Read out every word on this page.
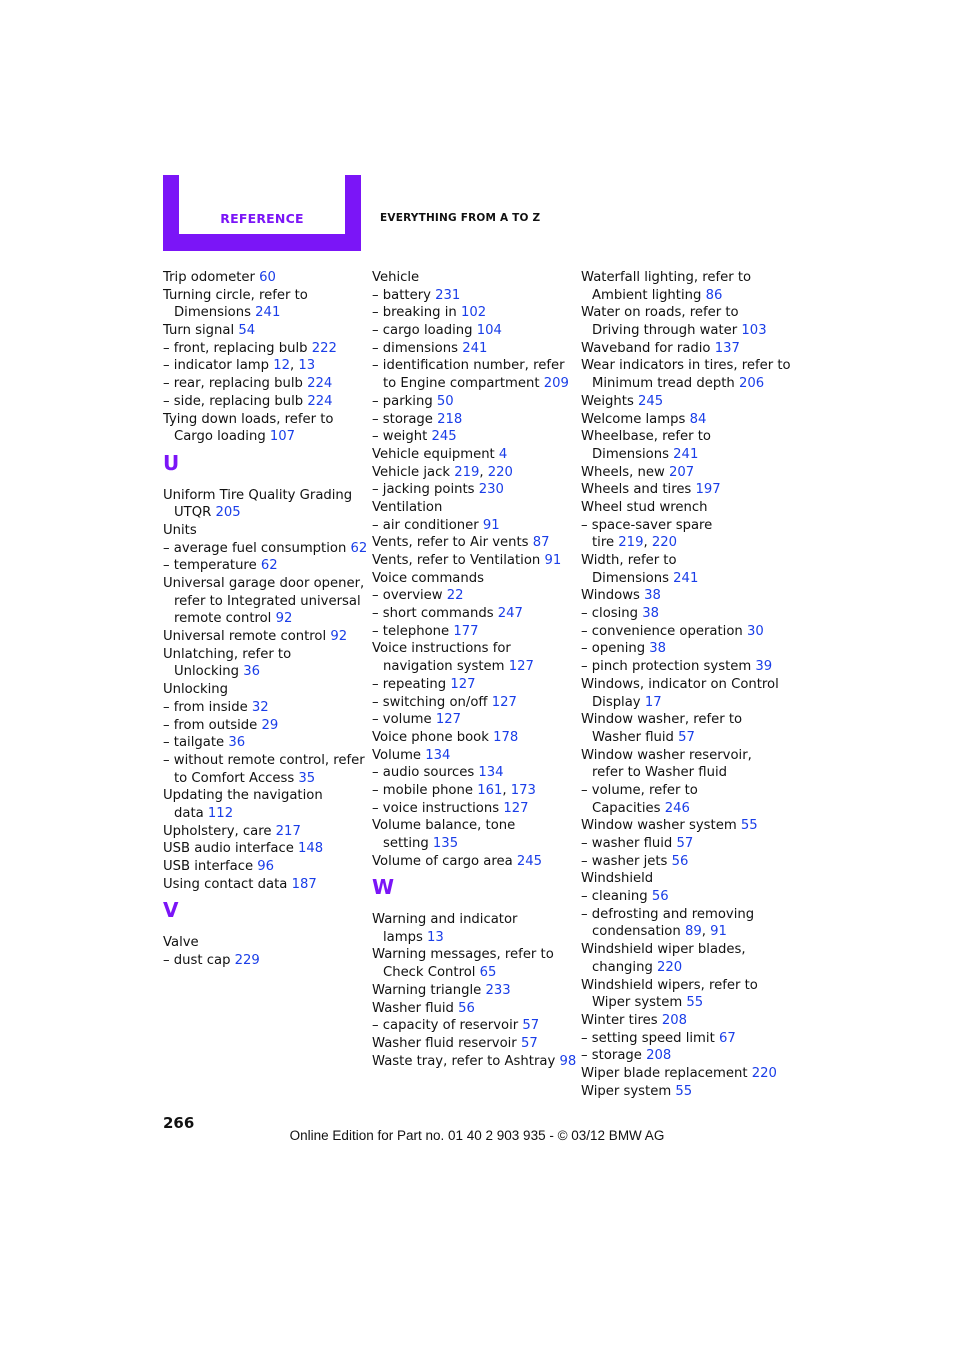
REFERENCE	EVERYTHING FROM A TO Z
Trip odometer 60
Turning circle, refer to
Dimensions 241
Turn signal 54
– front, replacing bulb 222
– indicator lamp 12, 13
– rear, replacing bulb 224
– side, replacing bulb 224
Tying down loads, refer to
Cargo loading 107
U
Uniform Tire Quality Grading
UTQR 205
Units
– average fuel consumption 62
– temperature 62
Universal garage door opener,
refer to Integrated universal
remote control 92
Universal remote control 92
Unlatching, refer to
Unlocking 36
Unlocking
– from inside 32
– from outside 29
– tailgate 36
– without remote control, refer
to Comfort Access 35
Updating the navigation
data 112
Upholstery, care 217
USB audio interface 148
USB interface 96
Using contact data 187
V
Valve
– dust cap 229
Vehicle
– battery 231
– breaking in 102
– cargo loading 104
– dimensions 241
– identification number, refer
to Engine compartment 209
– parking 50
– storage 218
– weight 245
Vehicle equipment 4
Vehicle jack 219, 220
– jacking points 230
Ventilation
– air conditioner 91
Vents, refer to Air vents 87
Vents, refer to Ventilation 91
Voice commands
– overview 22
– short commands 247
– telephone 177
Voice instructions for
navigation system 127
– repeating 127
– switching on/off 127
– volume 127
Voice phone book 178
Volume 134
– audio sources 134
– mobile phone 161, 173
– voice instructions 127
Volume balance, tone
setting 135
Volume of cargo area 245
W
Warning and indicator
lamps 13
Warning messages, refer to
Check Control 65
Warning triangle 233
Washer fluid 56
– capacity of reservoir 57
Washer fluid reservoir 57
Waste tray, refer to Ashtray 98
Waterfall lighting, refer to
Ambient lighting 86
Water on roads, refer to
Driving through water 103
Waveband for radio 137
Wear indicators in tires, refer to
Minimum tread depth 206
Weights 245
Welcome lamps 84
Wheelbase, refer to
Dimensions 241
Wheels, new 207
Wheels and tires 197
Wheel stud wrench
– space-saver spare
tire 219, 220
Width, refer to
Dimensions 241
Windows 38
– closing 38
– convenience operation 30
– opening 38
– pinch protection system 39
Windows, indicator on Control
Display 17
Window washer, refer to
Washer fluid 57
Window washer reservoir,
refer to Washer fluid
– volume, refer to
Capacities 246
Window washer system 55
– washer fluid 57
– washer jets 56
Windshield
– cleaning 56
– defrosting and removing
condensation 89, 91
Windshield wiper blades,
changing 220
Windshield wipers, refer to
Wiper system 55
Winter tires 208
– setting speed limit 67
– storage 208
Wiper blade replacement 220
Wiper system 55
266
Online Edition for Part no. 01 40 2 903 935 - © 03/12 BMW AG
